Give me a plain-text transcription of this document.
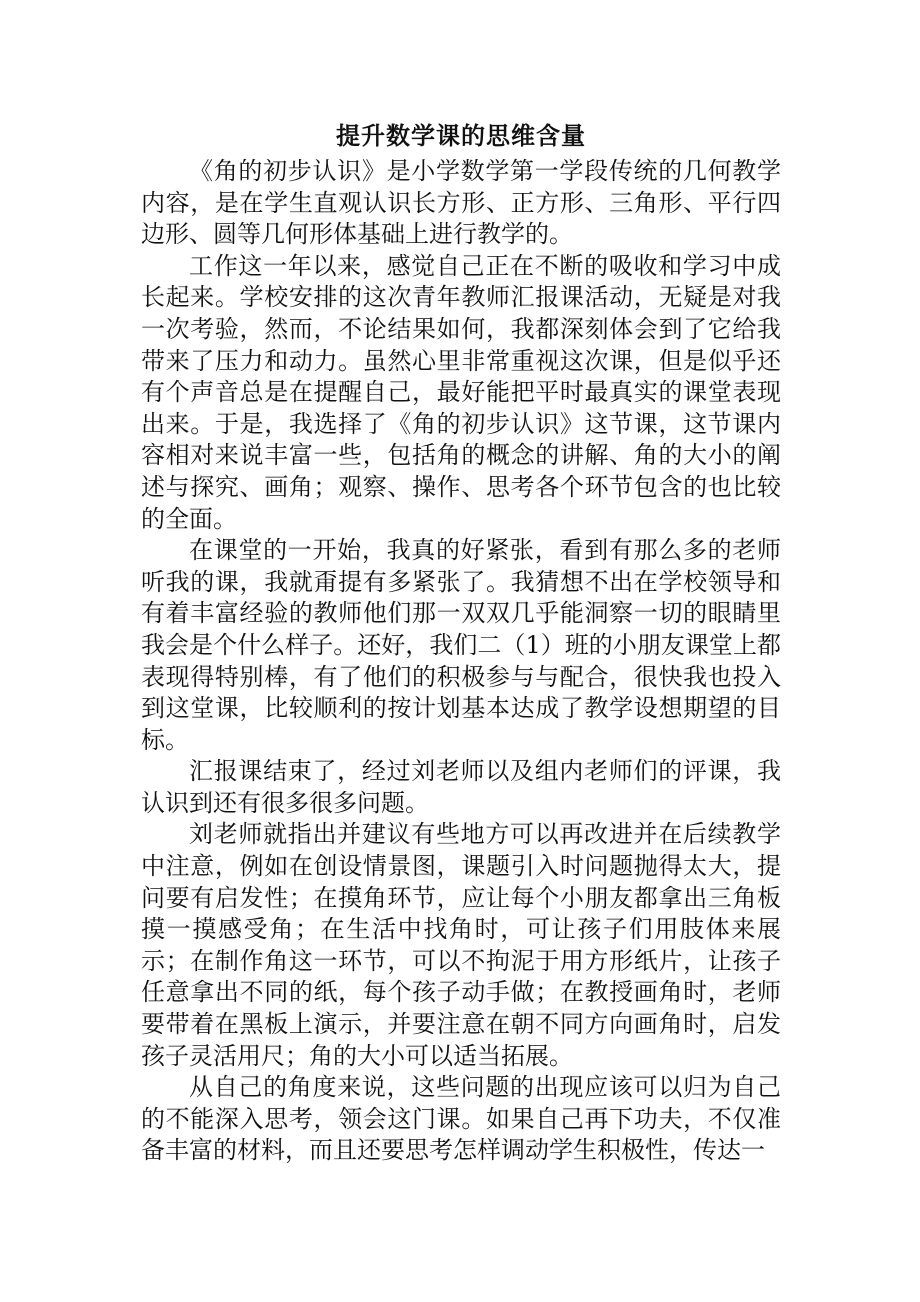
提升数学课的思维含量

《角的初步认识》是小学数学第一学段传统的几何教学内容，是在学生直观认识长方形、正方形、三角形、平行四边形、圆等几何形体基础上进行教学的。

工作这一年以来，感觉自己正在不断的吸收和学习中成长起来。学校安排的这次青年教师汇报课活动，无疑是对我一次考验，然而，不论结果如何，我都深刻体会到了它给我带来了压力和动力。虽然心里非常重视这次课，但是似乎还有个声音总是在提醒自己，最好能把平时最真实的课堂表现出来。于是，我选择了《角的初步认识》这节课，这节课内容相对来说丰富一些，包括角的概念的讲解、角的大小的阐述与探究、画角；观察、操作、思考各个环节包含的也比较的全面。

在课堂的一开始，我真的好紧张，看到有那么多的老师听我的课，我就甭提有多紧张了。我猜想不出在学校领导和有着丰富经验的教师他们那一双双几乎能洞察一切的眼睛里我会是个什么样子。还好，我们二（1）班的小朋友课堂上都表现得特别棒，有了他们的积极参与与配合，很快我也投入到这堂课，比较顺利的按计划基本达成了教学设想期望的目标。

汇报课结束了，经过刘老师以及组内老师们的评课，我认识到还有很多很多问题。

刘老师就指出并建议有些地方可以再改进并在后续教学中注意，例如在创设情景图，课题引入时问题抛得太大，提问要有启发性；在摸角环节，应让每个小朋友都拿出三角板摸一摸感受角；在生活中找角时，可让孩子们用肢体来展示；在制作角这一环节，可以不拘泥于用方形纸片，让孩子任意拿出不同的纸，每个孩子动手做；在教授画角时，老师要带着在黑板上演示，并要注意在朝不同方向画角时，启发孩子灵活用尺；角的大小可以适当拓展。

从自己的角度来说，这些问题的出现应该可以归为自己的不能深入思考，领会这门课。如果自己再下功夫，不仅准备丰富的材料，而且还要思考怎样调动学生积极性，传达一
